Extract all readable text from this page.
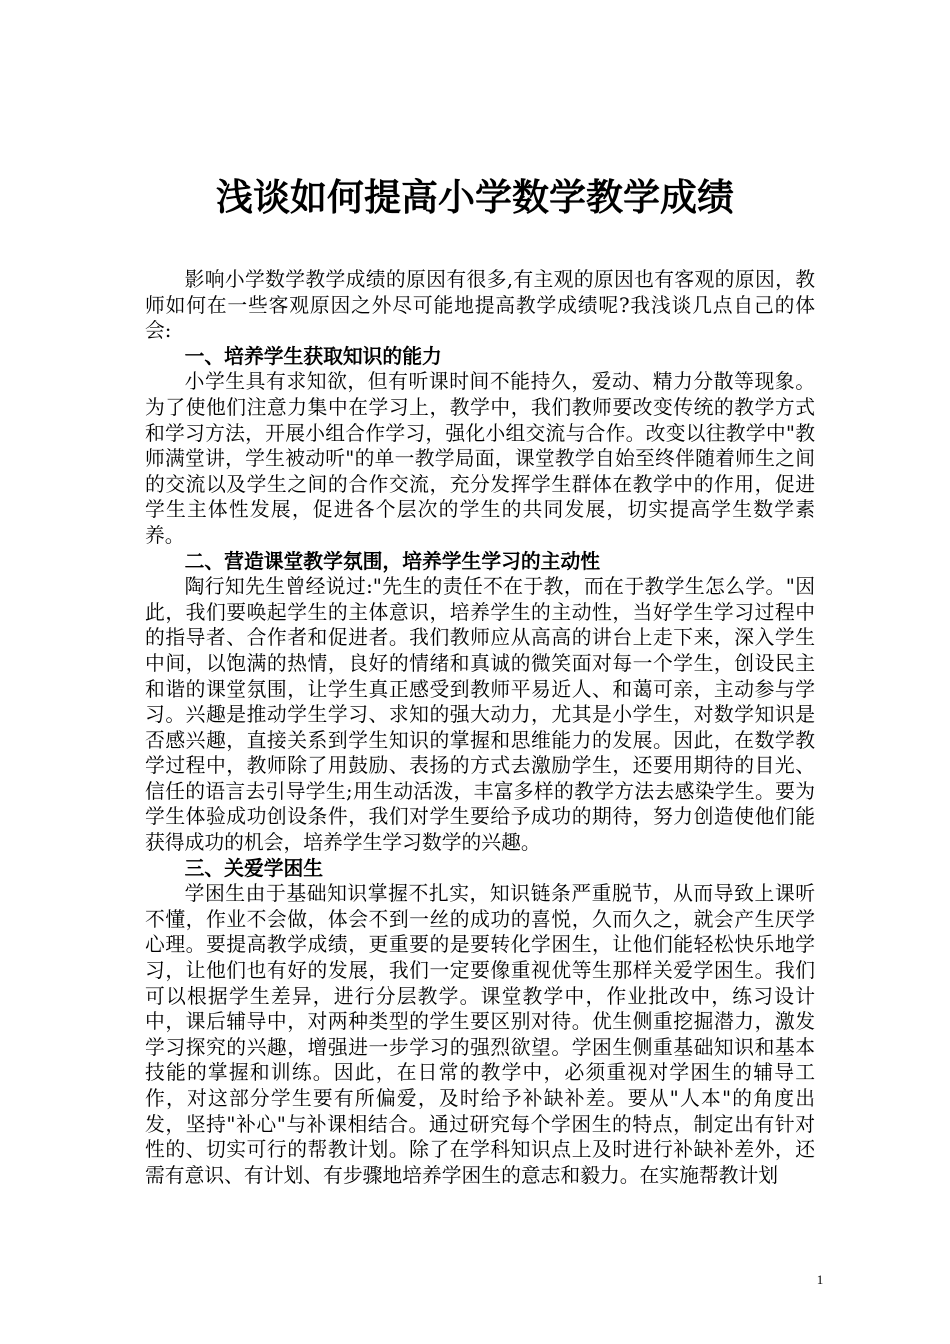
浅谈如何提高小学数学教学成绩

影响小学数学教学成绩的原因有很多,有主观的原因也有客观的原因，教师如何在一些客观原因之外尽可能地提高教学成绩呢?我浅谈几点自己的体会:

一、培养学生获取知识的能力

小学生具有求知欲，但有听课时间不能持久，爱动、精力分散等现象。为了使他们注意力集中在学习上，教学中，我们教师要改变传统的教学方式和学习方法，开展小组合作学习，强化小组交流与合作。改变以往教学中"教师满堂讲，学生被动听"的单一教学局面，课堂教学自始至终伴随着师生之间的交流以及学生之间的合作交流，充分发挥学生群体在教学中的作用，促进学生主体性发展，促进各个层次的学生的共同发展，切实提高学生数学素养。

二、营造课堂教学氛围，培养学生学习的主动性

陶行知先生曾经说过:"先生的责任不在于教，而在于教学生怎么学。"因此，我们要唤起学生的主体意识，培养学生的主动性，当好学生学习过程中的指导者、合作者和促进者。我们教师应从高高的讲台上走下来，深入学生中间，以饱满的热情，良好的情绪和真诚的微笑面对每一个学生，创设民主和谐的课堂氛围，让学生真正感受到教师平易近人、和蔼可亲，主动参与学习。兴趣是推动学生学习、求知的强大动力，尤其是小学生，对数学知识是否感兴趣，直接关系到学生知识的掌握和思维能力的发展。因此，在数学教学过程中，教师除了用鼓励、表扬的方式去激励学生，还要用期待的目光、信任的语言去引导学生;用生动活泼，丰富多样的教学方法去感染学生。要为学生体验成功创设条件，我们对学生要给予成功的期待，努力创造使他们能获得成功的机会，培养学生学习数学的兴趣。

三、关爱学困生

学困生由于基础知识掌握不扎实，知识链条严重脱节，从而导致上课听不懂，作业不会做，体会不到一丝的成功的喜悦，久而久之，就会产生厌学心理。要提高教学成绩，更重要的是要转化学困生，让他们能轻松快乐地学习，让他们也有好的发展，我们一定要像重视优等生那样关爱学困生。我们可以根据学生差异，进行分层教学。课堂教学中，作业批改中，练习设计中，课后辅导中，对两种类型的学生要区别对待。优生侧重挖掘潜力，激发学习探究的兴趣，增强进一步学习的强烈欲望。学困生侧重基础知识和基本技能的掌握和训练。因此，在日常的教学中，必须重视对学困生的辅导工作，对这部分学生要有所偏爱，及时给予补缺补差。要从"人本"的角度出发，坚持"补心"与补课相结合。通过研究每个学困生的特点，制定出有针对性的、切实可行的帮教计划。除了在学科知识点上及时进行补缺补差外，还需有意识、有计划、有步骤地培养学困生的意志和毅力。在实施帮教计划

1
